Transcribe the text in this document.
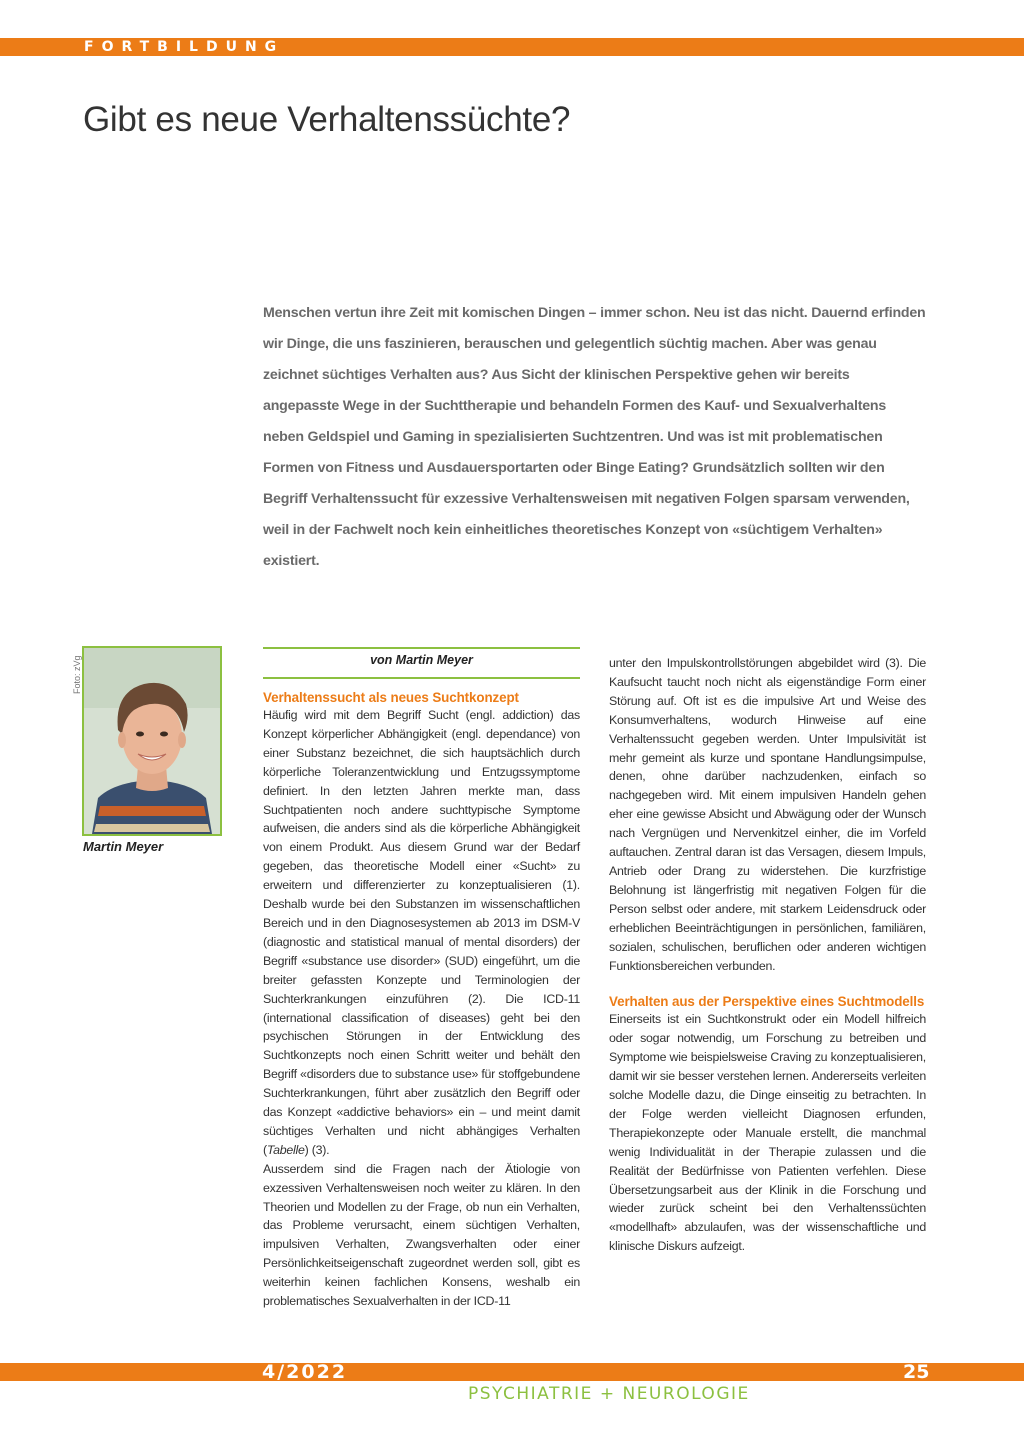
FORTBILDUNG
Gibt es neue Verhaltenssüchte?

Menschen vertun ihre Zeit mit komischen Dingen – immer schon. Neu ist das nicht. Dauernd erfinden wir Dinge, die uns faszinieren, berauschen und gelegentlich süchtig machen. Aber was genau zeichnet süchtiges Verhalten aus? Aus Sicht der klinischen Perspektive gehen wir bereits angepasste Wege in der Suchttherapie und behandeln Formen des Kauf- und Sexualverhaltens neben Geldspiel und Gaming in spezialisierten Suchtzentren. Und was ist mit problematischen Formen von Fitness und Ausdauersportarten oder Binge Eating? Grundsätzlich sollten wir den Begriff Verhaltenssucht für exzessive Verhaltensweisen mit negativen Folgen sparsam verwenden, weil in der Fachwelt noch kein einheitliches theoretisches Konzept von «süchtigem Verhalten» existiert.

Foto: zVg
Martin Meyer
von Martin Meyer
Verhaltenssucht als neues Suchtkonzept

Häufig wird mit dem Begriff Sucht (engl. addiction) das Konzept körperlicher Abhängigkeit (engl. dependance) von einer Substanz bezeichnet, die sich hauptsächlich durch körperliche Toleranzentwicklung und Entzugssymptome definiert. In den letzten Jahren merkte man, dass Suchtpatienten noch andere suchttypische Symptome aufweisen, die anders sind als die körperliche Abhängigkeit von einem Produkt. Aus diesem Grund war der Bedarf gegeben, das theoretische Modell einer «Sucht» zu erweitern und differenzierter zu konzeptualisieren (1). Deshalb wurde bei den Substanzen im wissenschaftlichen Bereich und in den Diagnosesystemen ab 2013 im DSM-V (diagnostic and statistical manual of mental disorders) der Begriff «substance use disorder» (SUD) eingeführt, um die breiter gefassten Konzepte und Terminologien der Suchterkrankungen einzuführen (2). Die ICD-11 (international classification of diseases) geht bei den psychischen Störungen in der Entwicklung des Suchtkonzepts noch einen Schritt weiter und behält den Begriff «disorders due to substance use» für stoffgebundene Suchterkrankungen, führt aber zusätzlich den Begriff oder das Konzept «addictive behaviors» ein – und meint damit süchtiges Verhalten und nicht abhängiges Verhalten (Tabelle) (3).

Ausserdem sind die Fragen nach der Ätiologie von exzessiven Verhaltensweisen noch weiter zu klären. In den Theorien und Modellen zu der Frage, ob nun ein Verhalten, das Probleme verursacht, einem süchtigen Verhalten, impulsiven Verhalten, Zwangsverhalten oder einer Persönlichkeitseigenschaft zugeordnet werden soll, gibt es weiterhin keinen fachlichen Konsens, weshalb ein problematisches Sexualverhalten in der ICD-11

unter den Impulskontrollstörungen abgebildet wird (3). Die Kaufsucht taucht noch nicht als eigenständige Form einer Störung auf. Oft ist es die impulsive Art und Weise des Konsumverhaltens, wodurch Hinweise auf eine Verhaltenssucht gegeben werden. Unter Impulsivität ist mehr gemeint als kurze und spontane Handlungsimpulse, denen, ohne darüber nachzudenken, einfach so nachgegeben wird. Mit einem impulsiven Handeln gehen eher eine gewisse Absicht und Abwägung oder der Wunsch nach Vergnügen und Nervenkitzel einher, die im Vorfeld auftauchen. Zentral daran ist das Versagen, diesem Impuls, Antrieb oder Drang zu widerstehen. Die kurzfristige Belohnung ist längerfristig mit negativen Folgen für die Person selbst oder andere, mit starkem Leidensdruck oder erheblichen Beeinträchtigungen in persönlichen, familiären, sozialen, schulischen, beruflichen oder anderen wichtigen Funktionsbereichen verbunden.

Verhalten aus der Perspektive eines Suchtmodells

Einerseits ist ein Suchtkonstrukt oder ein Modell hilfreich oder sogar notwendig, um Forschung zu betreiben und Symptome wie beispielsweise Craving zu konzeptualisieren, damit wir sie besser verstehen lernen. Andererseits verleiten solche Modelle dazu, die Dinge einseitig zu betrachten. In der Folge werden vielleicht Diagnosen erfunden, Therapiekonzepte oder Manuale erstellt, die manchmal wenig Individualität in der Therapie zulassen und die Realität der Bedürfnisse von Patienten verfehlen. Diese Übersetzungsarbeit aus der Klinik in die Forschung und wieder zurück scheint bei den Verhaltenssüchten «modellhaft» abzulaufen, was der wissenschaftliche und klinische Diskurs aufzeigt.

4/2022	25
PSYCHIATRIE + NEUROLOGIE
